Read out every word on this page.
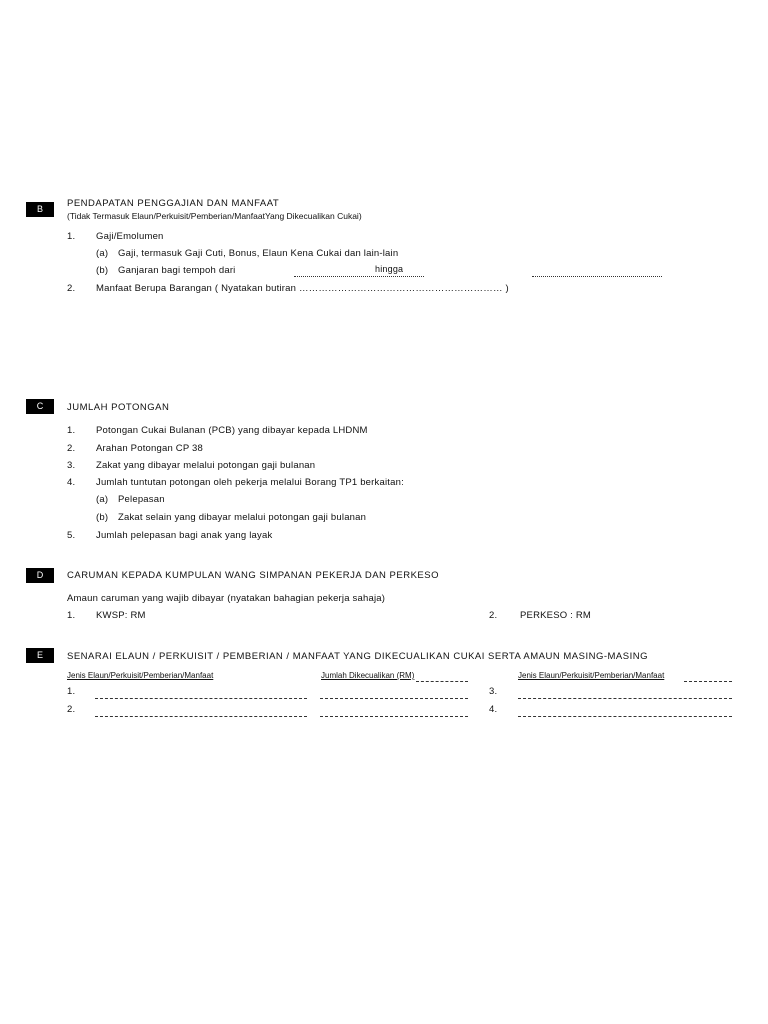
B	PENDAPATAN PENGGAJIAN DAN MANFAAT
(Tidak Termasuk Elaun/Perkuisit/Pemberian/ManfaatYang Dikecualikan Cukai)
1. Gaji/Emolumen
(a) Gaji, termasuk Gaji Cuti, Bonus, Elaun Kena Cukai dan lain-lain
(b) Ganjaran bagi tempoh dari	hingga
2. Manfaat Berupa Barangan ( Nyatakan butiran ……………………………………………………… )
C	JUMLAH POTONGAN
1. Potongan Cukai Bulanan (PCB) yang dibayar kepada LHDNM
2. Arahan Potongan CP 38
3. Zakat yang dibayar melalui potongan gaji bulanan
4. Jumlah tuntutan potongan oleh pekerja melalui Borang TP1 berkaitan:
(a) Pelepasan
(b) Zakat selain yang dibayar melalui potongan gaji bulanan
5. Jumlah pelepasan bagi anak yang layak
D	CARUMAN KEPADA KUMPULAN WANG SIMPANAN PEKERJA DAN PERKESO
Amaun caruman yang wajib dibayar (nyatakan bahagian pekerja sahaja)
1. KWSP: RM	2. PERKESO : RM
E	SENARAI ELAUN / PERKUISIT / PEMBERIAN / MANFAAT YANG DIKECUALIKAN CUKAI SERTA AMAUN MASING-MASING
Jenis Elaun/Perkuisit/Pemberian/Manfaat	Jumlah Dikecualikan (RM)	Jenis Elaun/Perkuisit/Pemberian/Manfaat
1.	3.
2.	4.
